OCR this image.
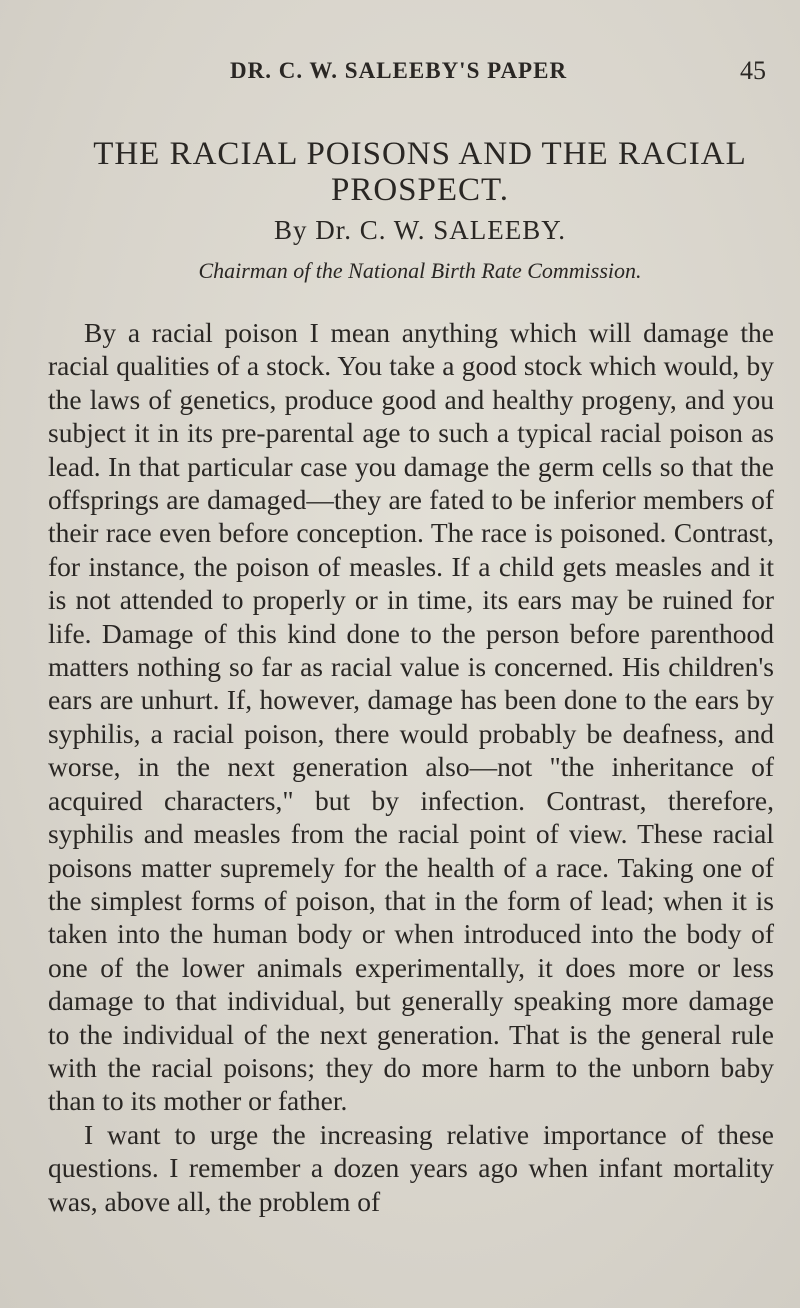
DR. C. W. SALEEBY'S PAPER	45
THE RACIAL POISONS AND THE RACIAL PROSPECT.
By Dr. C. W. SALEEBY.
Chairman of the National Birth Rate Commission.

By a racial poison I mean anything which will damage the racial qualities of a stock. You take a good stock which would, by the laws of genetics, produce good and healthy progeny, and you subject it in its pre-parental age to such a typical racial poison as lead. In that particular case you damage the germ cells so that the offsprings are damaged—they are fated to be inferior members of their race even before conception. The race is poisoned. Contrast, for instance, the poison of measles. If a child gets measles and it is not attended to properly or in time, its ears may be ruined for life. Damage of this kind done to the person before parenthood matters nothing so far as racial value is concerned. His children's ears are unhurt. If, however, damage has been done to the ears by syphilis, a racial poison, there would probably be deafness, and worse, in the next generation also—not "the inheritance of acquired characters," but by infection. Contrast, therefore, syphilis and measles from the racial point of view. These racial poisons matter supremely for the health of a race. Taking one of the simplest forms of poison, that in the form of lead; when it is taken into the human body or when introduced into the body of one of the lower animals experimentally, it does more or less damage to that individual, but generally speaking more damage to the individual of the next generation. That is the general rule with the racial poisons; they do more harm to the unborn baby than to its mother or father.

I want to urge the increasing relative importance of these questions. I remember a dozen years ago when infant mortality was, above all, the problem of
